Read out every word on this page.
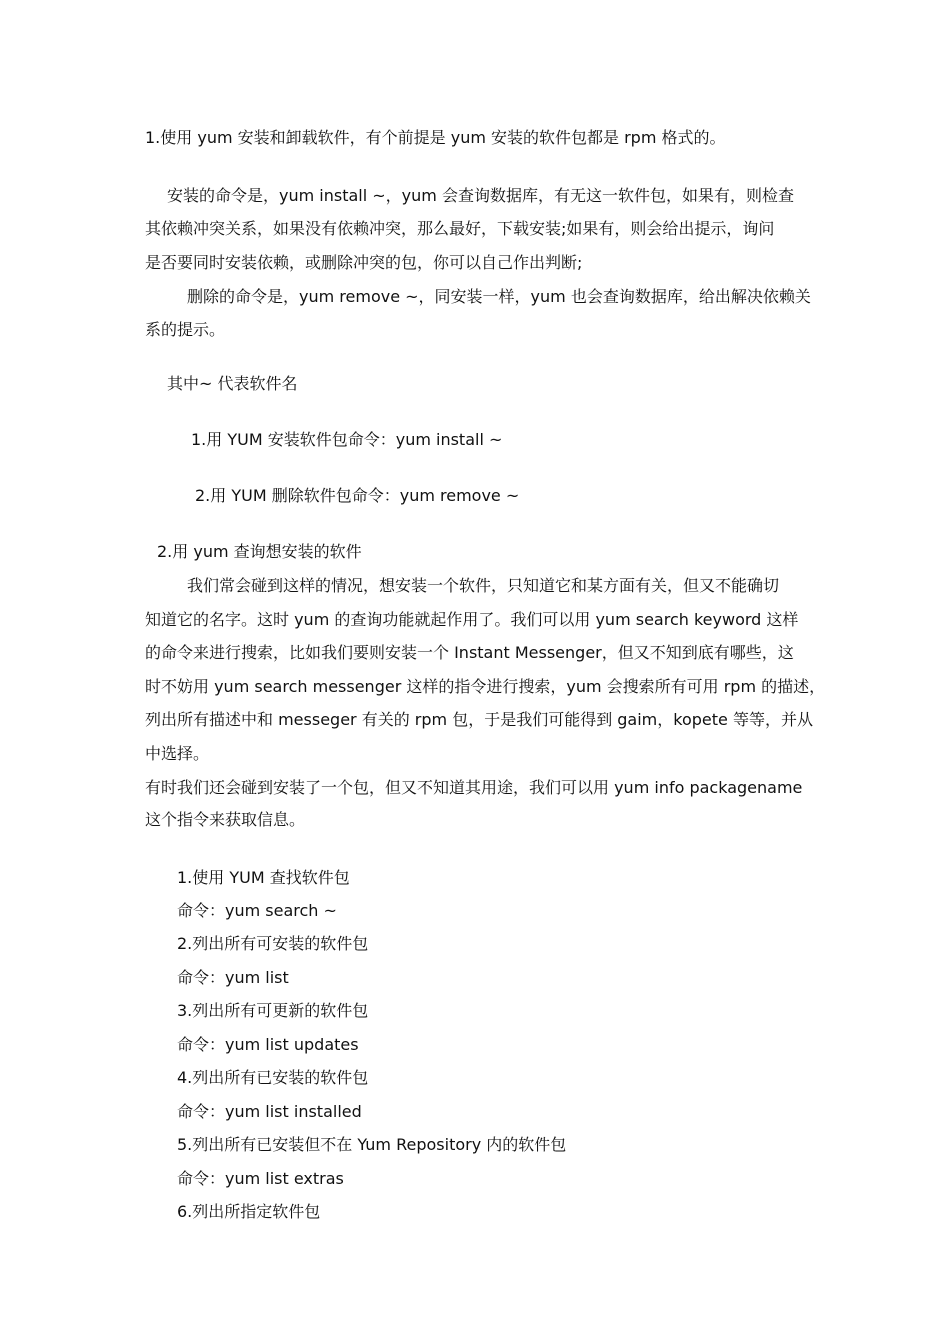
1.使用 yum 安装和卸载软件，有个前提是 yum 安装的软件包都是 rpm 格式的。
安装的命令是，yum install ~，yum 会查询数据库，有无这一软件包，如果有，则检查
其依赖冲突关系，如果没有依赖冲突，那么最好，下载安装;如果有，则会给出提示，询问
是否要同时安装依赖，或删除冲突的包，你可以自己作出判断;
删除的命令是，yum remove ~，同安装一样，yum 也会查询数据库，给出解决依赖关
系的提示。
其中~ 代表软件名
1.用 YUM 安装软件包命令：yum install ~
2.用 YUM 删除软件包命令：yum remove ~
2.用 yum 查询想安装的软件
我们常会碰到这样的情况，想安装一个软件，只知道它和某方面有关，但又不能确切
知道它的名字。这时 yum 的查询功能就起作用了。我们可以用 yum search keyword 这样
的命令来进行搜索，比如我们要则安装一个 Instant Messenger，但又不知到底有哪些，这
时不妨用 yum search messenger 这样的指令进行搜索，yum 会搜索所有可用 rpm 的描述，
列出所有描述中和 messeger 有关的 rpm 包，于是我们可能得到 gaim，kopete 等等，并从
中选择。
有时我们还会碰到安装了一个包，但又不知道其用途，我们可以用 yum info packagename
这个指令来获取信息。
1.使用 YUM 查找软件包
命令：yum search ~
2.列出所有可安装的软件包
命令：yum list
3.列出所有可更新的软件包
命令：yum list updates
4.列出所有已安装的软件包
命令：yum list installed
5.列出所有已安装但不在 Yum Repository 内的软件包
命令：yum list extras
6.列出所指定软件包
